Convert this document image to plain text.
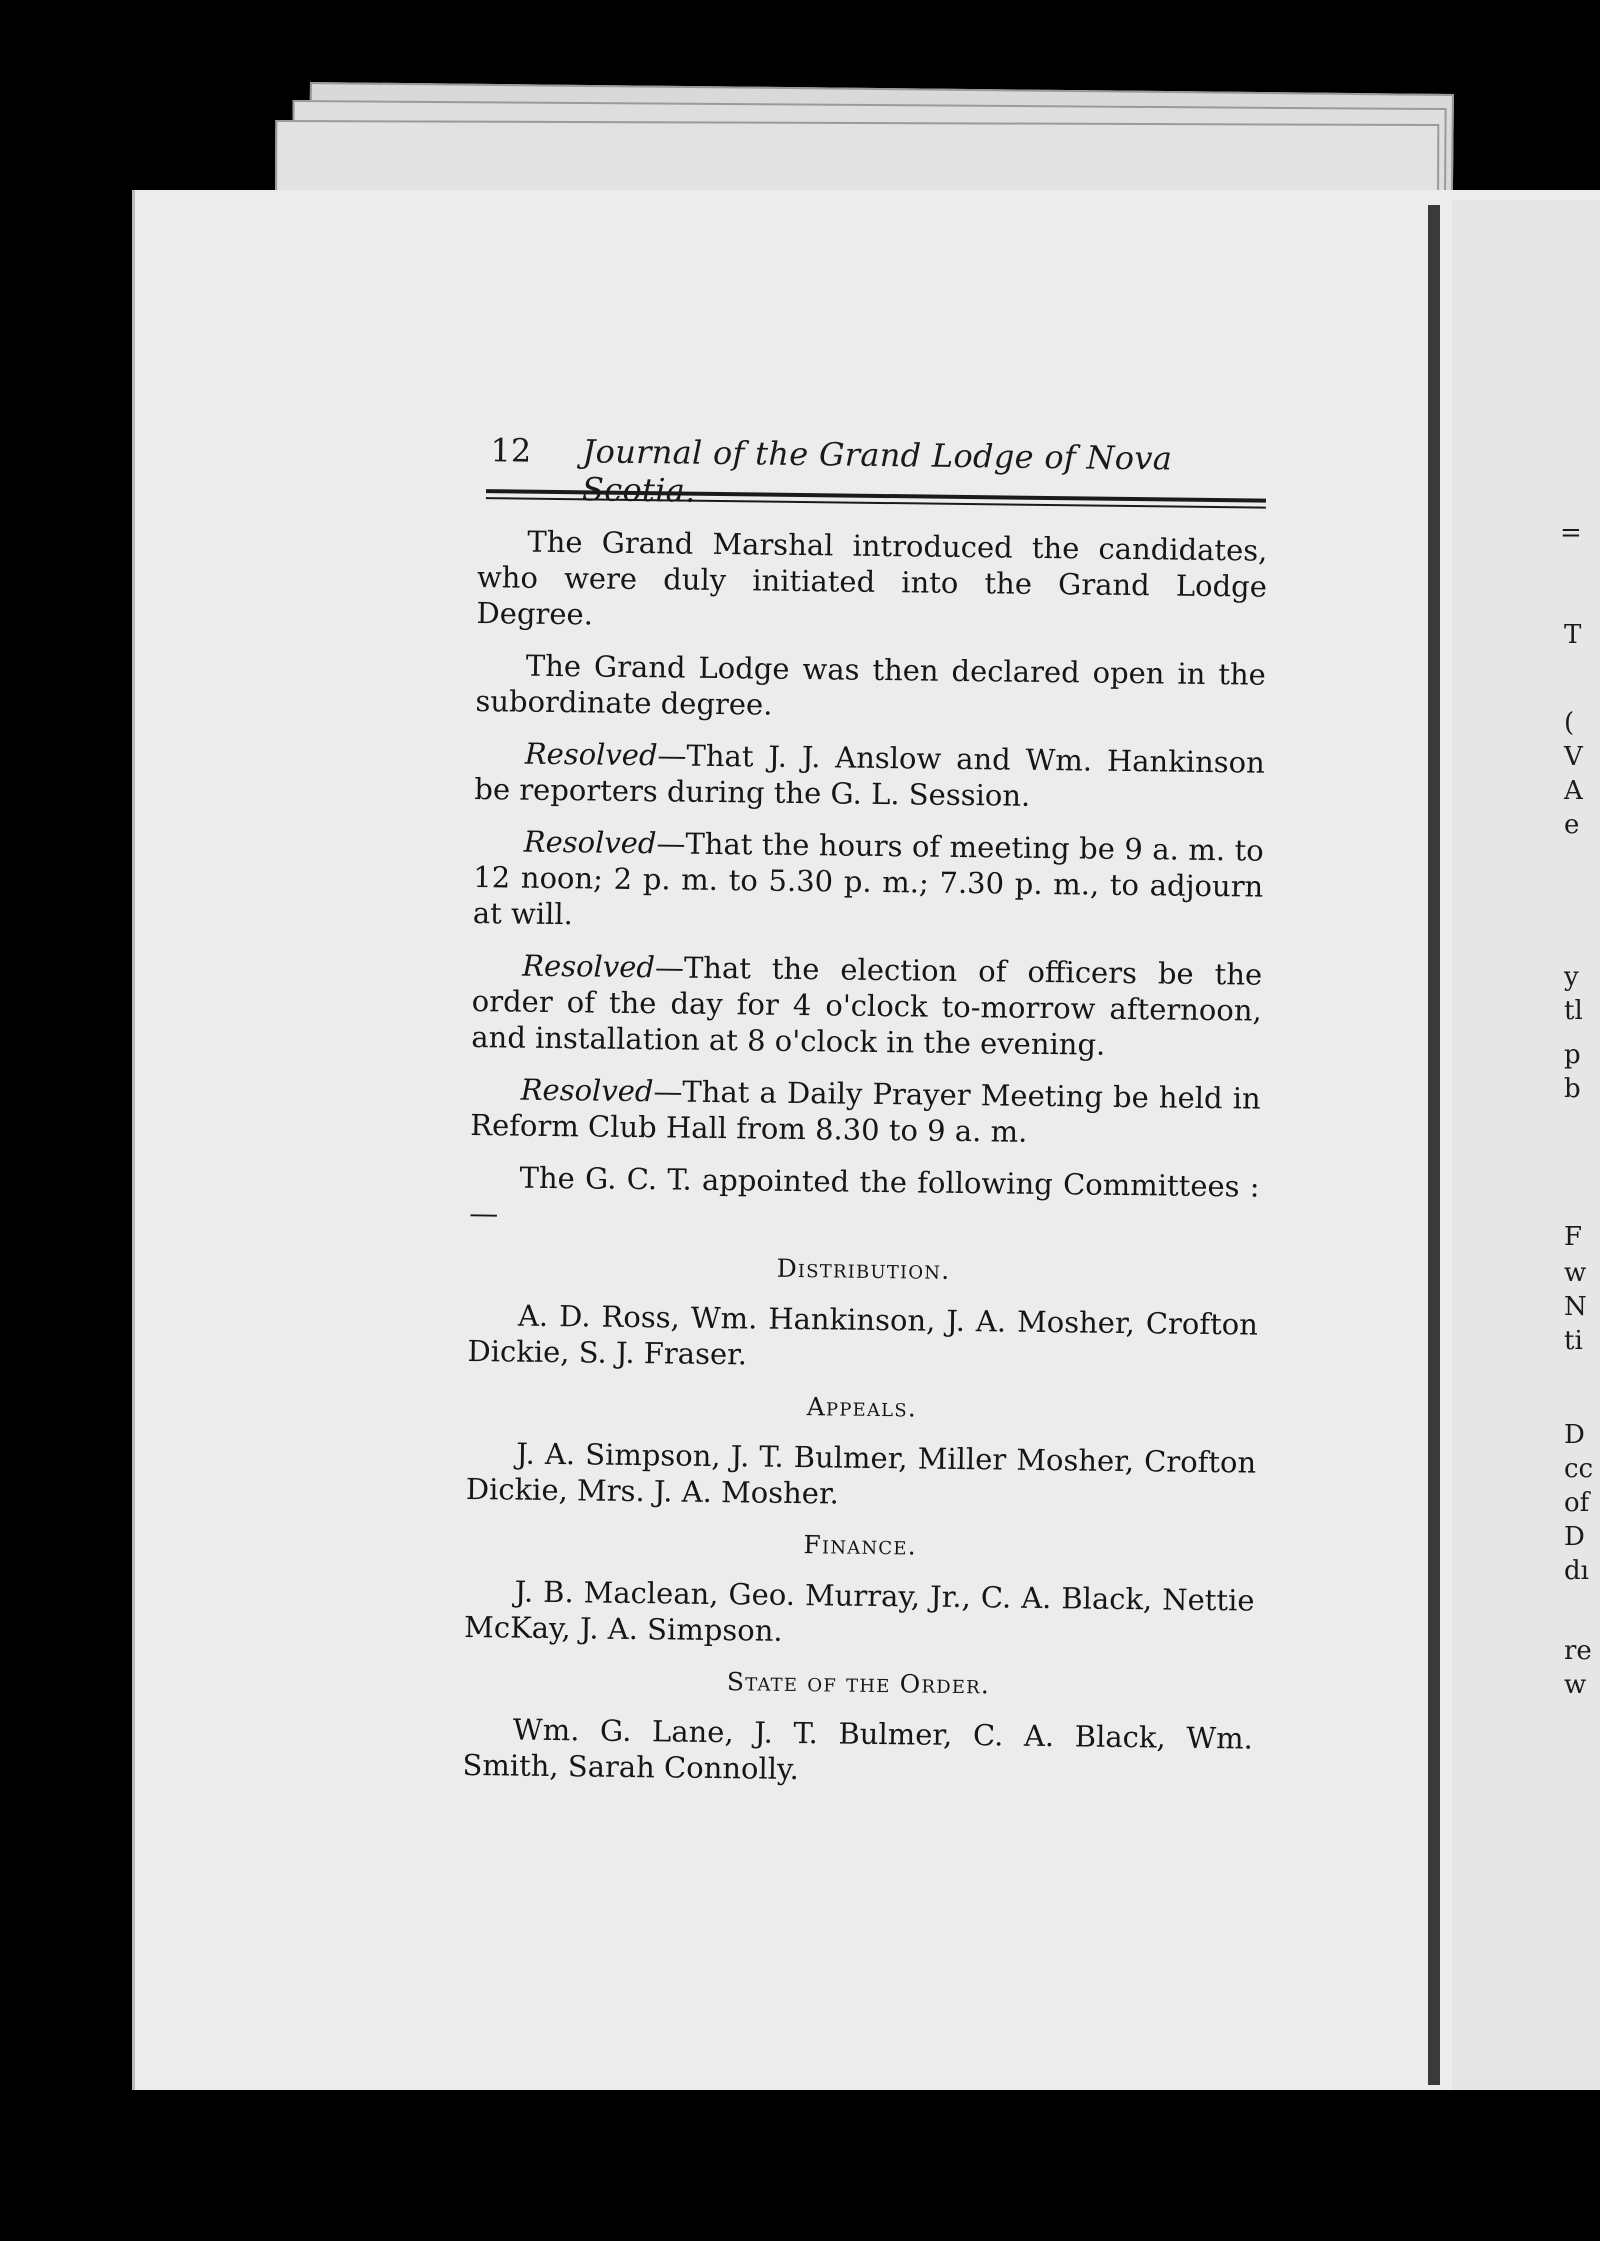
=
T
(
V
A
e
y
tl
p
b
F
w
N
ti
D
cc
of
D
dı
re
w
12 Journal of the Grand Lodge of Nova Scotia.

The Grand Marshal introduced the candidates, who were duly initiated into the Grand Lodge Degree.

The Grand Lodge was then declared open in the subordinate degree.

Resolved—That J. J. Anslow and Wm. Hankinson be reporters during the G. L. Session.

Resolved—That the hours of meeting be 9 a. m. to 12 noon; 2 p. m. to 5.30 p. m.; 7.30 p. m., to adjourn at will.

Resolved—That the election of officers be the order of the day for 4 o'clock to-morrow afternoon, and installation at 8 o'clock in the evening.

Resolved—That a Daily Prayer Meeting be held in Reform Club Hall from 8.30 to 9 a. m.

The G. C. T. appointed the following Committees :—

Distribution.

A. D. Ross, Wm. Hankinson, J. A. Mosher, Crofton Dickie, S. J. Fraser.

Appeals.

J. A. Simpson, J. T. Bulmer, Miller Mosher, Crofton Dickie, Mrs. J. A. Mosher.

Finance.

J. B. Maclean, Geo. Murray, Jr., C. A. Black, Nettie McKay, J. A. Simpson.

State of the Order.

Wm. G. Lane, J. T. Bulmer, C. A. Black, Wm. Smith, Sarah Connolly.
